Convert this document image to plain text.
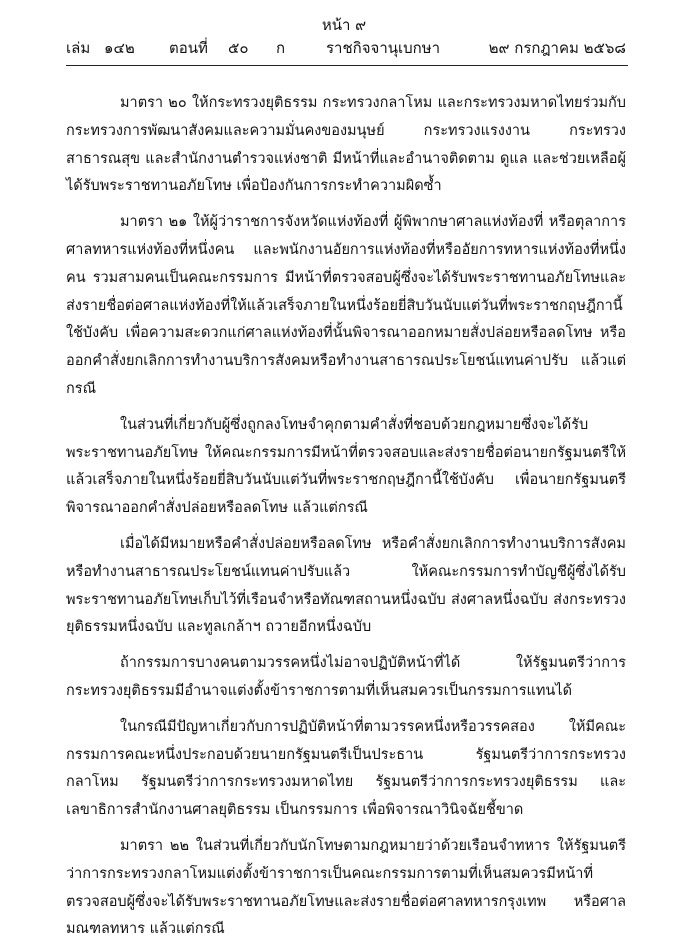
หน้า ๙

เล่ม ๑๔๒ ตอนที่ ๕๐ ก	ราชกิจจานุเบกษา	๒๙ กรกฎาคม ๒๕๖๘

มาตรา ๒๐ ให้กระทรวงยุติธรรม กระทรวงกลาโหม และกระทรวงมหาดไทยร่วมกับกระทรวงการพัฒนาสังคมและความมั่นคงของมนุษย์ กระทรวงแรงงาน กระทรวงสาธารณสุข และสำนักงานตำรวจแห่งชาติ มีหน้าที่และอำนาจติดตาม ดูแล และช่วยเหลือผู้ได้รับพระราชทานอภัยโทษ เพื่อป้องกันการกระทำความผิดซ้ำ

มาตรา ๒๑ ให้ผู้ว่าราชการจังหวัดแห่งท้องที่ ผู้พิพากษาศาลแห่งท้องที่ หรือตุลาการศาลทหารแห่งท้องที่หนึ่งคน และพนักงานอัยการแห่งท้องที่หรืออัยการทหารแห่งท้องที่หนึ่งคน รวมสามคนเป็นคณะกรรมการ มีหน้าที่ตรวจสอบผู้ซึ่งจะได้รับพระราชทานอภัยโทษและส่งรายชื่อต่อศาลแห่งท้องที่ให้แล้วเสร็จภายในหนึ่งร้อยยี่สิบวันนับแต่วันที่พระราชกฤษฎีกานี้ใช้บังคับ เพื่อความสะดวกแก่ศาลแห่งท้องที่นั้นพิจารณาออกหมายสั่งปล่อยหรือลดโทษ หรือออกคำสั่งยกเลิกการทำงานบริการสังคมหรือทำงานสาธารณประโยชน์แทนค่าปรับ แล้วแต่กรณี

ในส่วนที่เกี่ยวกับผู้ซึ่งถูกลงโทษจำคุกตามคำสั่งที่ชอบด้วยกฎหมายซึ่งจะได้รับพระราชทานอภัยโทษ ให้คณะกรรมการมีหน้าที่ตรวจสอบและส่งรายชื่อต่อนายกรัฐมนตรีให้แล้วเสร็จภายในหนึ่งร้อยยี่สิบวันนับแต่วันที่พระราชกฤษฎีกานี้ใช้บังคับ เพื่อนายกรัฐมนตรีพิจารณาออกคำสั่งปล่อยหรือลดโทษ แล้วแต่กรณี

เมื่อได้มีหมายหรือคำสั่งปล่อยหรือลดโทษ หรือคำสั่งยกเลิกการทำงานบริการสังคมหรือทำงานสาธารณประโยชน์แทนค่าปรับแล้ว ให้คณะกรรมการทำบัญชีผู้ซึ่งได้รับพระราชทานอภัยโทษเก็บไว้ที่เรือนจำหรือทัณฑสถานหนึ่งฉบับ ส่งศาลหนึ่งฉบับ ส่งกระทรวงยุติธรรมหนึ่งฉบับ และทูลเกล้าฯ ถวายอีกหนึ่งฉบับ

ถ้ากรรมการบางคนตามวรรคหนึ่งไม่อาจปฏิบัติหน้าที่ได้ ให้รัฐมนตรีว่าการกระทรวงยุติธรรมมีอำนาจแต่งตั้งข้าราชการตามที่เห็นสมควรเป็นกรรมการแทนได้

ในกรณีมีปัญหาเกี่ยวกับการปฏิบัติหน้าที่ตามวรรคหนึ่งหรือวรรคสอง ให้มีคณะกรรมการคณะหนึ่งประกอบด้วยนายกรัฐมนตรีเป็นประธาน รัฐมนตรีว่าการกระทรวงกลาโหม รัฐมนตรีว่าการกระทรวงมหาดไทย รัฐมนตรีว่าการกระทรวงยุติธรรม และเลขาธิการสำนักงานศาลยุติธรรม เป็นกรรมการ เพื่อพิจารณาวินิจฉัยชี้ขาด

มาตรา ๒๒ ในส่วนที่เกี่ยวกับนักโทษตามกฎหมายว่าด้วยเรือนจำทหาร ให้รัฐมนตรีว่าการกระทรวงกลาโหมแต่งตั้งข้าราชการเป็นคณะกรรมการตามที่เห็นสมควรมีหน้าที่ตรวจสอบผู้ซึ่งจะได้รับพระราชทานอภัยโทษและส่งรายชื่อต่อศาลทหารกรุงเทพ หรือศาลมณฑลทหาร แล้วแต่กรณี
